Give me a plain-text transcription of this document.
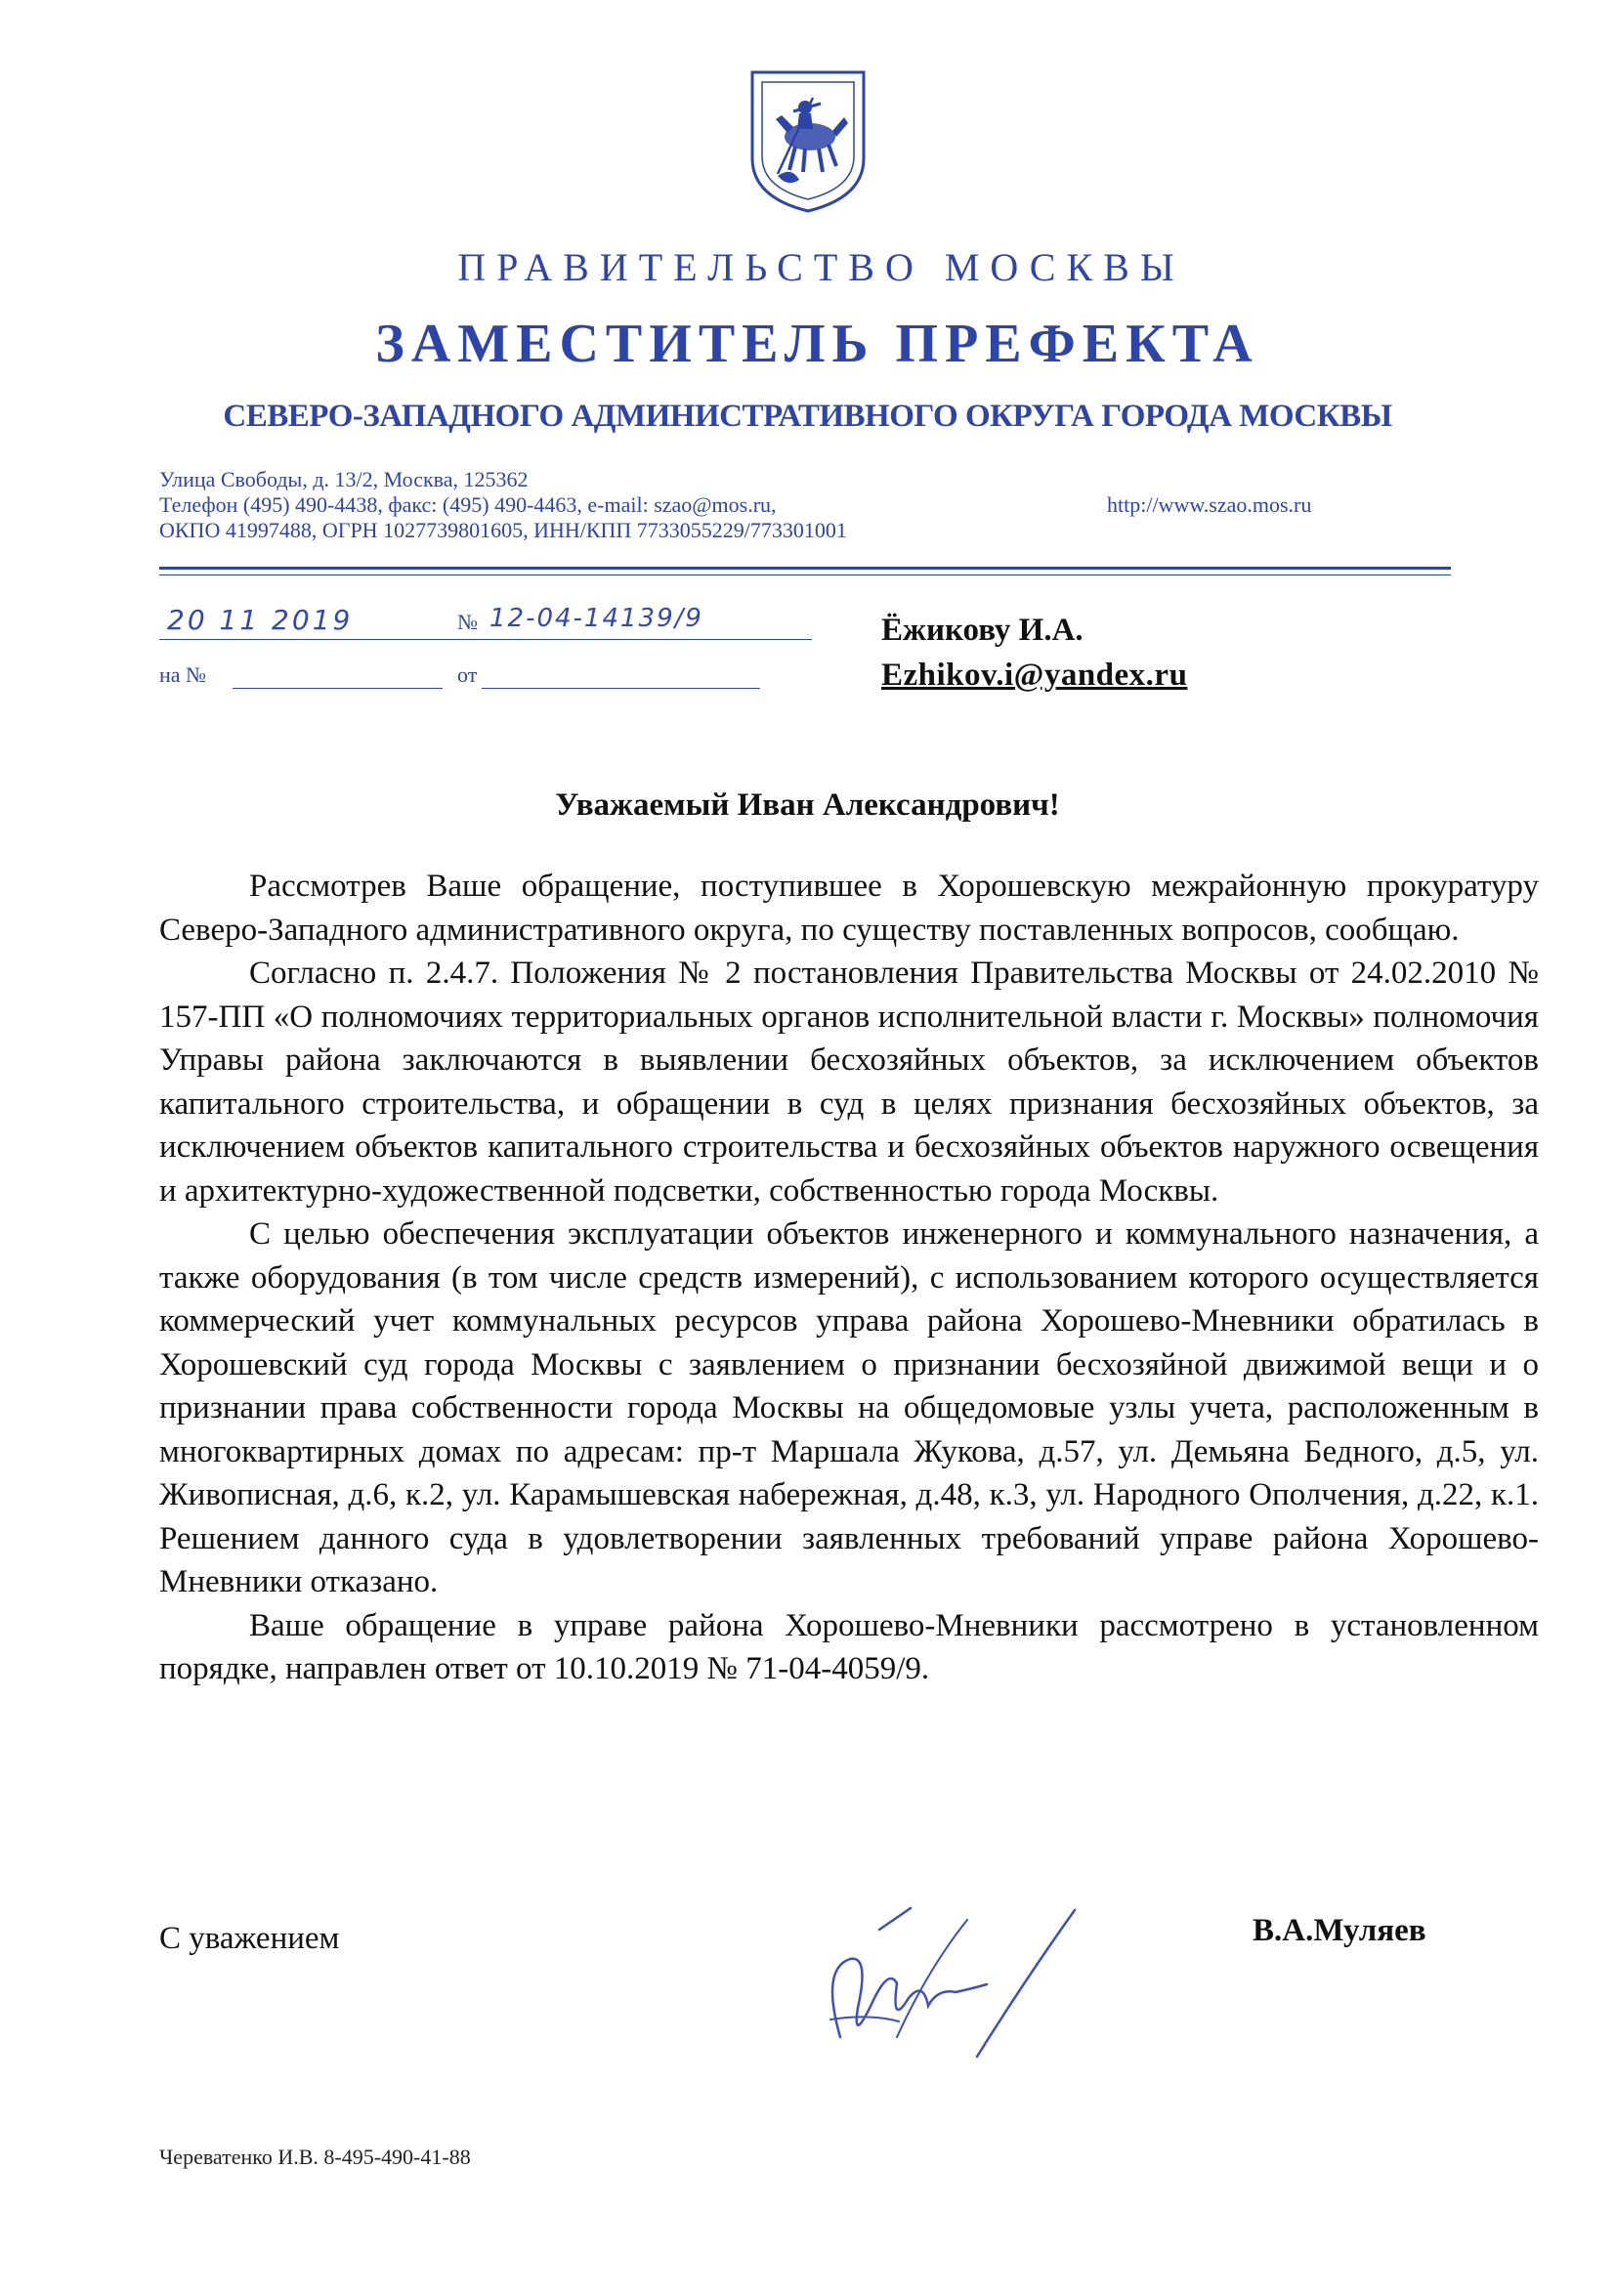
ПРАВИТЕЛЬСТВО МОСКВЫ
ЗАМЕСТИТЕЛЬ ПРЕФЕКТА
СЕВЕРО-ЗАПАДНОГО АДМИНИСТРАТИВНОГО ОКРУГА ГОРОДА МОСКВЫ
Улица Свободы, д. 13/2, Москва, 125362
Телефон (495) 490-4438, факс: (495) 490-4463, e-mail: szao@mos.ru,	http://www.szao.mos.ru
ОКПО 41997488, ОГРН 1027739801605, ИНН/КПП 7733055229/773301001
20 11 2019	№ 12-04-14139/9
на №	от
Ёжикову И.А.
Ezhikov.i@yandex.ru
Уважаемый Иван Александрович!

Рассмотрев Ваше обращение, поступившее в Хорошевскую межрайонную прокуратуру Северо-Западного административного округа, по существу поставленных вопросов, сообщаю.

Согласно п. 2.4.7. Положения № 2 постановления Правительства Москвы от 24.02.2010 № 157-ПП «О полномочиях территориальных органов исполнительной власти г. Москвы» полномочия Управы района заключаются в выявлении бесхозяйных объектов, за исключением объектов капитального строительства, и обращении в суд в целях признания бесхозяйных объектов, за исключением объектов капитального строительства и бесхозяйных объектов наружного освещения и архитектурно-художественной подсветки, собственностью города Москвы.

С целью обеспечения эксплуатации объектов инженерного и коммунального назначения, а также оборудования (в том числе средств измерений), с использованием которого осуществляется коммерческий учет коммунальных ресурсов управа района Хорошево-Мневники обратилась в Хорошевский суд города Москвы с заявлением о признании бесхозяйной движимой вещи и о признании права собственности города Москвы на общедомовые узлы учета, расположенным в многоквартирных домах по адресам: пр-т Маршала Жукова, д.57, ул. Демьяна Бедного, д.5, ул. Живописная, д.6, к.2, ул. Карамышевская набережная, д.48, к.3, ул. Народного Ополчения, д.22, к.1. Решением данного суда в удовлетворении заявленных требований управе района Хорошево-Мневники отказано.

Ваше обращение в управе района Хорошево-Мневники рассмотрено в установленном порядке, направлен ответ от 10.10.2019 № 71-04-4059/9.

С уважением	В.А.Муляев
Череватенко И.В. 8-495-490-41-88
